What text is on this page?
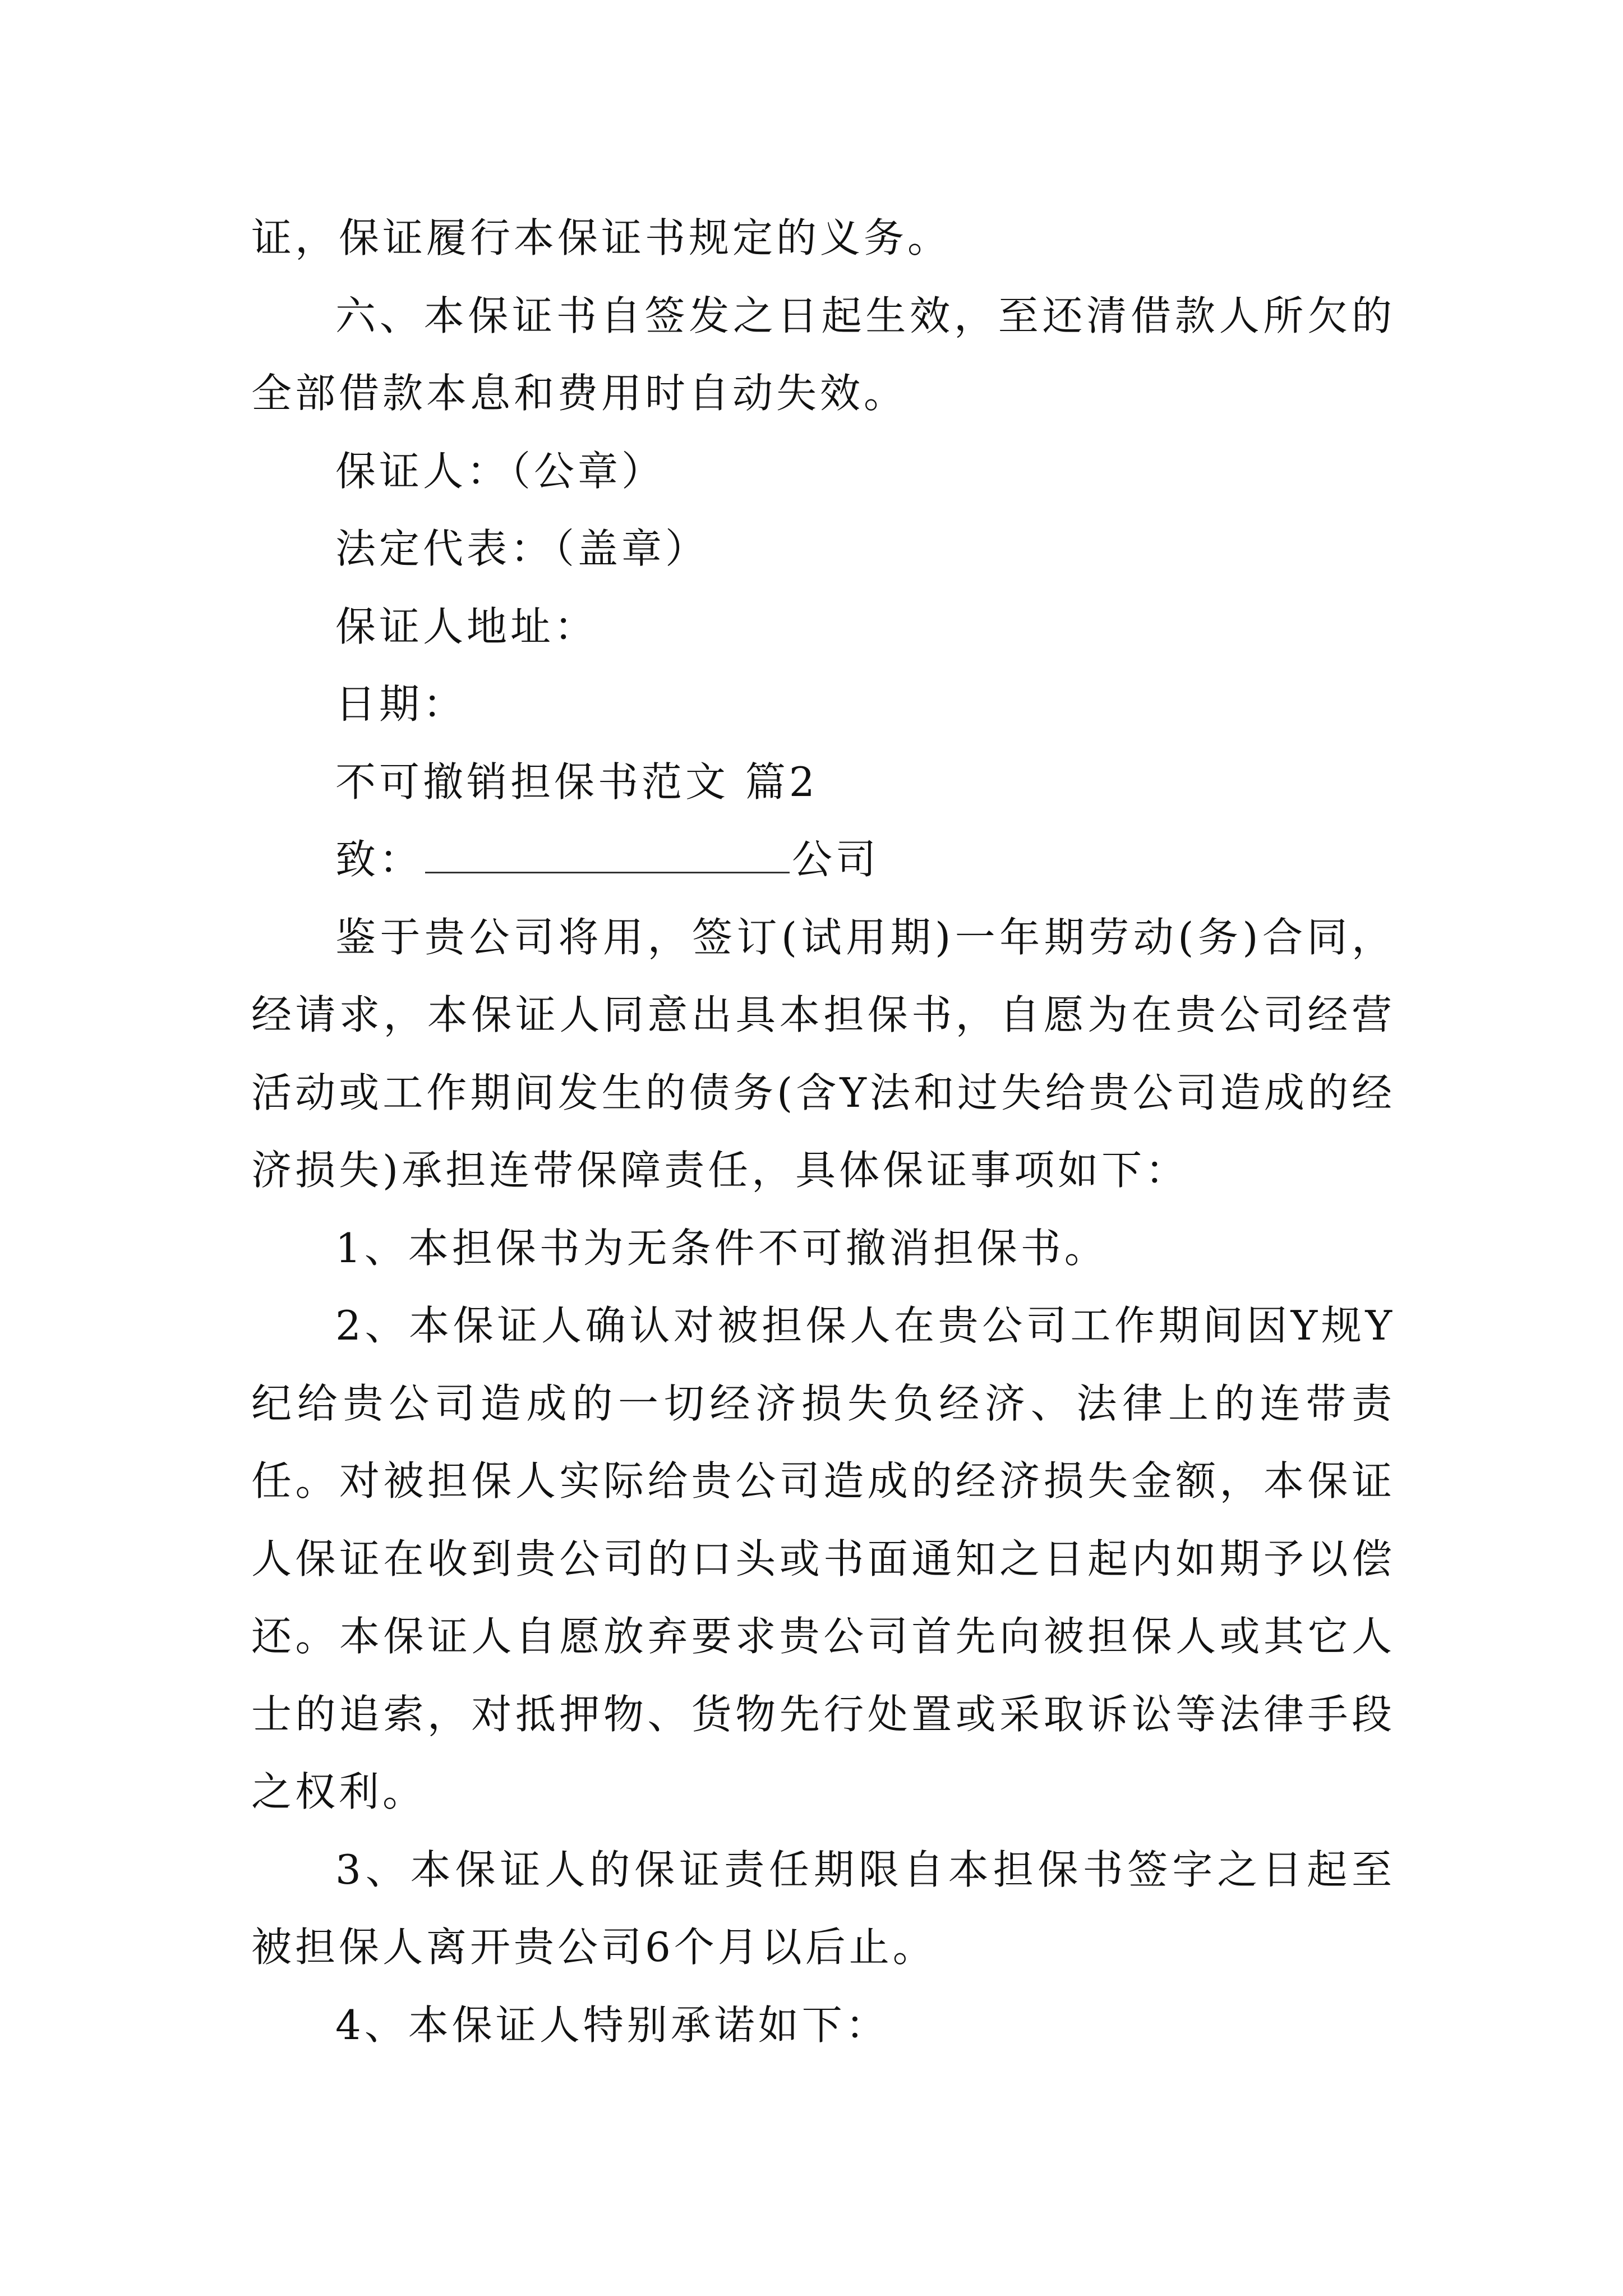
证，保证履行本保证书规定的义务。

六、本保证书自签发之日起生效，至还清借款人所欠的全部借款本息和费用时自动失效。

保证人：（公章）

法定代表：（盖章）

保证人地址：

日期：

不可撤销担保书范文 篇2

致：	公司

鉴于贵公司将用，签订(试用期)一年期劳动(务)合同，经请求，本保证人同意出具本担保书，自愿为在贵公司经营活动或工作期间发生的债务(含Y法和过失给贵公司造成的经济损失)承担连带保障责任，具体保证事项如下：

1、本担保书为无条件不可撤消担保书。

2、本保证人确认对被担保人在贵公司工作期间因Y规Y纪给贵公司造成的一切经济损失负经济、法律上的连带责任。对被担保人实际给贵公司造成的经济损失金额，本保证人保证在收到贵公司的口头或书面通知之日起内如期予以偿还。本保证人自愿放弃要求贵公司首先向被担保人或其它人士的追索，对抵押物、货物先行处置或采取诉讼等法律手段之权利。

3、本保证人的保证责任期限自本担保书签字之日起至被担保人离开贵公司6个月以后止。

4、本保证人特别承诺如下：
